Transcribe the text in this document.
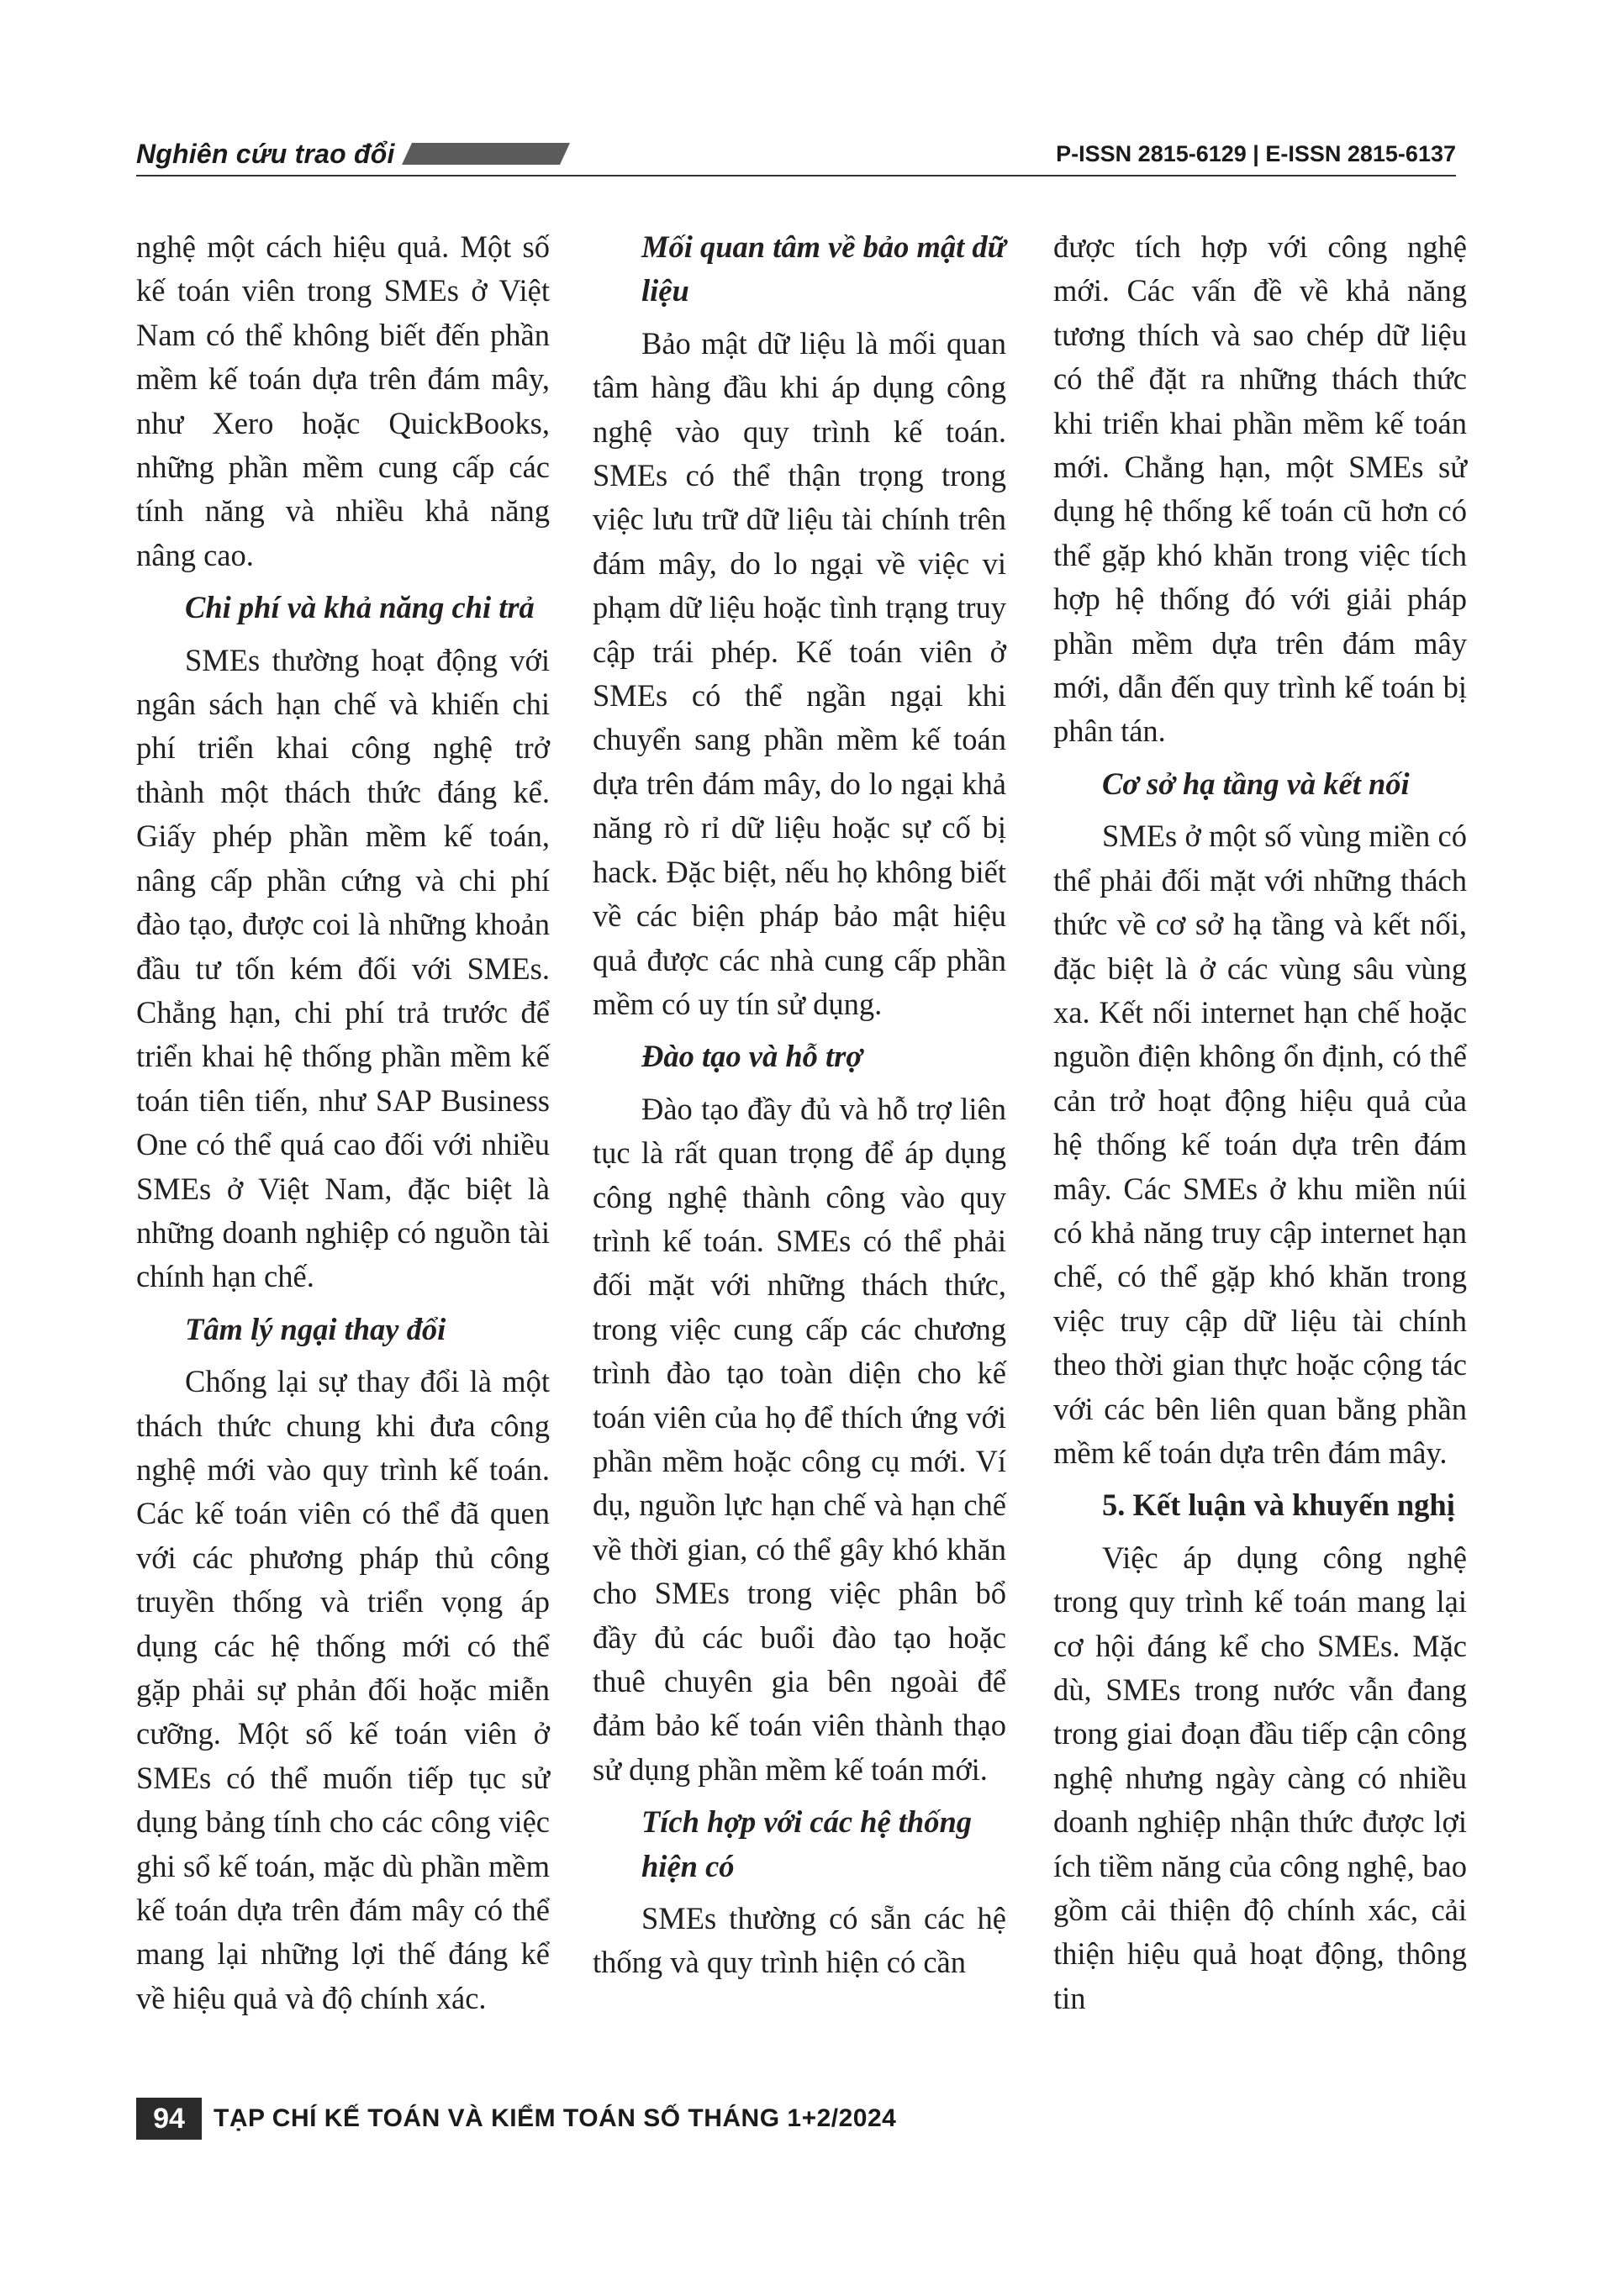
Nghiên cứu trao đổi	P-ISSN 2815-6129 | E-ISSN 2815-6137

nghệ một cách hiệu quả. Một số kế toán viên trong SMEs ở Việt Nam có thể không biết đến phần mềm kế toán dựa trên đám mây, như Xero hoặc QuickBooks, những phần mềm cung cấp các tính năng và nhiều khả năng nâng cao.

Chi phí và khả năng chi trả

SMEs thường hoạt động với ngân sách hạn chế và khiến chi phí triển khai công nghệ trở thành một thách thức đáng kể. Giấy phép phần mềm kế toán, nâng cấp phần cứng và chi phí đào tạo, được coi là những khoản đầu tư tốn kém đối với SMEs. Chẳng hạn, chi phí trả trước để triển khai hệ thống phần mềm kế toán tiên tiến, như SAP Business One có thể quá cao đối với nhiều SMEs ở Việt Nam, đặc biệt là những doanh nghiệp có nguồn tài chính hạn chế.

Tâm lý ngại thay đổi

Chống lại sự thay đổi là một thách thức chung khi đưa công nghệ mới vào quy trình kế toán. Các kế toán viên có thể đã quen với các phương pháp thủ công truyền thống và triển vọng áp dụng các hệ thống mới có thể gặp phải sự phản đối hoặc miễn cưỡng. Một số kế toán viên ở SMEs có thể muốn tiếp tục sử dụng bảng tính cho các công việc ghi sổ kế toán, mặc dù phần mềm kế toán dựa trên đám mây có thể mang lại những lợi thế đáng kể về hiệu quả và độ chính xác.

Mối quan tâm về bảo mật dữ liệu

Bảo mật dữ liệu là mối quan tâm hàng đầu khi áp dụng công nghệ vào quy trình kế toán. SMEs có thể thận trọng trong việc lưu trữ dữ liệu tài chính trên đám mây, do lo ngại về việc vi phạm dữ liệu hoặc tình trạng truy cập trái phép. Kế toán viên ở SMEs có thể ngần ngại khi chuyển sang phần mềm kế toán dựa trên đám mây, do lo ngại khả năng rò rỉ dữ liệu hoặc sự cố bị hack. Đặc biệt, nếu họ không biết về các biện pháp bảo mật hiệu quả được các nhà cung cấp phần mềm có uy tín sử dụng.

Đào tạo và hỗ trợ

Đào tạo đầy đủ và hỗ trợ liên tục là rất quan trọng để áp dụng công nghệ thành công vào quy trình kế toán. SMEs có thể phải đối mặt với những thách thức, trong việc cung cấp các chương trình đào tạo toàn diện cho kế toán viên của họ để thích ứng với phần mềm hoặc công cụ mới. Ví dụ, nguồn lực hạn chế và hạn chế về thời gian, có thể gây khó khăn cho SMEs trong việc phân bổ đầy đủ các buổi đào tạo hoặc thuê chuyên gia bên ngoài để đảm bảo kế toán viên thành thạo sử dụng phần mềm kế toán mới.

Tích hợp với các hệ thống hiện có

SMEs thường có sẵn các hệ thống và quy trình hiện có cần

được tích hợp với công nghệ mới. Các vấn đề về khả năng tương thích và sao chép dữ liệu có thể đặt ra những thách thức khi triển khai phần mềm kế toán mới. Chẳng hạn, một SMEs sử dụng hệ thống kế toán cũ hơn có thể gặp khó khăn trong việc tích hợp hệ thống đó với giải pháp phần mềm dựa trên đám mây mới, dẫn đến quy trình kế toán bị phân tán.

Cơ sở hạ tầng và kết nối

SMEs ở một số vùng miền có thể phải đối mặt với những thách thức về cơ sở hạ tầng và kết nối, đặc biệt là ở các vùng sâu vùng xa. Kết nối internet hạn chế hoặc nguồn điện không ổn định, có thể cản trở hoạt động hiệu quả của hệ thống kế toán dựa trên đám mây. Các SMEs ở khu miền núi có khả năng truy cập internet hạn chế, có thể gặp khó khăn trong việc truy cập dữ liệu tài chính theo thời gian thực hoặc cộng tác với các bên liên quan bằng phần mềm kế toán dựa trên đám mây.

5. Kết luận và khuyến nghị

Việc áp dụng công nghệ trong quy trình kế toán mang lại cơ hội đáng kể cho SMEs. Mặc dù, SMEs trong nước vẫn đang trong giai đoạn đầu tiếp cận công nghệ nhưng ngày càng có nhiều doanh nghiệp nhận thức được lợi ích tiềm năng của công nghệ, bao gồm cải thiện độ chính xác, cải thiện hiệu quả hoạt động, thông tin

94	TẠP CHÍ KẾ TOÁN VÀ KIỂM TOÁN SỐ THÁNG 1+2/2024
